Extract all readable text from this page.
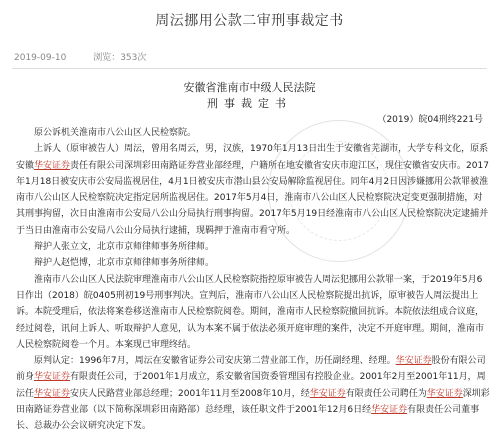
周沄挪用公款二审刑事裁定书
2019-09-10	浏览：353次
安徽省淮南市中级人民法院
刑事裁定书
（2019）皖04刑终221号

原公诉机关淮南市八公山区人民检察院。

上诉人（原审被告人）周沄，曾用名周云，男，汉族，1970年1月13日出生于安徽省芜湖市，大学专科文化，原系安徽华安证券责任有限公司深圳彩田南路证券营业部经理，户籍所在地安徽省安庆市迎江区，现住安徽省安庆市。2017年1月18日被安庆市公安局监视居住，4月1日被安庆市潜山县公安局解除监视居住。同年4月2日因涉嫌挪用公款罪被淮南市八公山区人民检察院决定指定居所监视居住。2017年5月4日，淮南市八公山区人民检察院决定变更强制措施，对其刑事拘留，次日由淮南市公安局八公山分局执行刑事拘留。2017年5月19日经淮南市八公山区人民检察院决定逮捕并于当日由淮南市公安局八公山分局执行逮捕，现羁押于淮南市看守所。

辩护人张立文，北京市京师律师事务所律师。

辩护人赵恺博，北京市京师律师事务所律师。

淮南市八公山区人民法院审理淮南市八公山区人民检察院指控原审被告人周沄犯挪用公款罪一案，于2019年5月6日作出（2018）皖0405刑初19号刑事判决。宣判后，淮南市八公山区人民检察院提出抗诉，原审被告人周沄提出上诉。本院受理后，依法将案卷移送淮南市人民检察院阅卷。期间，淮南市人民检察院撤回抗诉。本院依法组成合议庭，经过阅卷，讯问上诉人、听取辩护人意见，认为本案不属于依法必须开庭审理的案件，决定不开庭审理。期间，淮南市人民检察院阅卷一个月。本案现已审理终结。

原判认定：1996年7月，周沄在安徽省证券公司安庆第二营业部工作，历任副经理、经理。华安证券股份有限公司前身华安证券有限责任公司，于2001年1月成立，系安徽省国资委管理国有控股企业。2001年2月至2001年11月，周沄任华安证券安庆人民路营业部总经理；2001年11月至2008年10月，经华安证券有限责任公司聘任为华安证券深圳彩田南路证券营业部（以下简称深圳彩田南路部）总经理，该任职文件于2001年12月6日经华安证券有限责任公司董事长、总裁办公会议研究决定下发。
